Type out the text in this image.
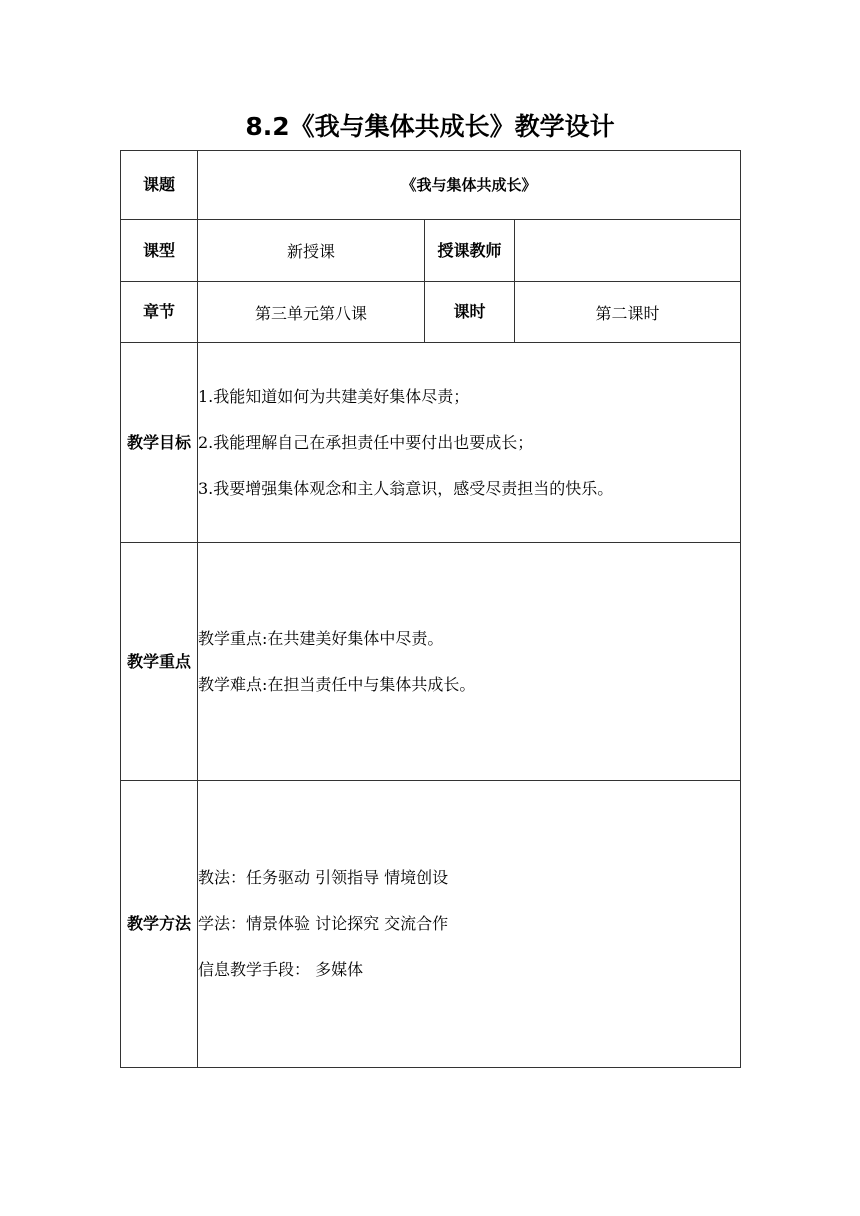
8.2《我与集体共成长》教学设计
课题	《我与集体共成长》		
课型	新授课	授课教师	
章节	第三单元第八课	课时	第二课时
教学目标	1.我能知道如何为共建美好集体尽责；

2.我能理解自己在承担责任中要付出也要成长；

3.我要增强集体观念和主人翁意识，感受尽责担当的快乐。		

教学重点	教学重点:在共建美好集体中尽责。

教学难点:在担当责任中与集体共成长。		

教学方法	教法：任务驱动 引领指导 情境创设

学法：情景体验 讨论探究 交流合作

信息教学手段： 多媒体		
